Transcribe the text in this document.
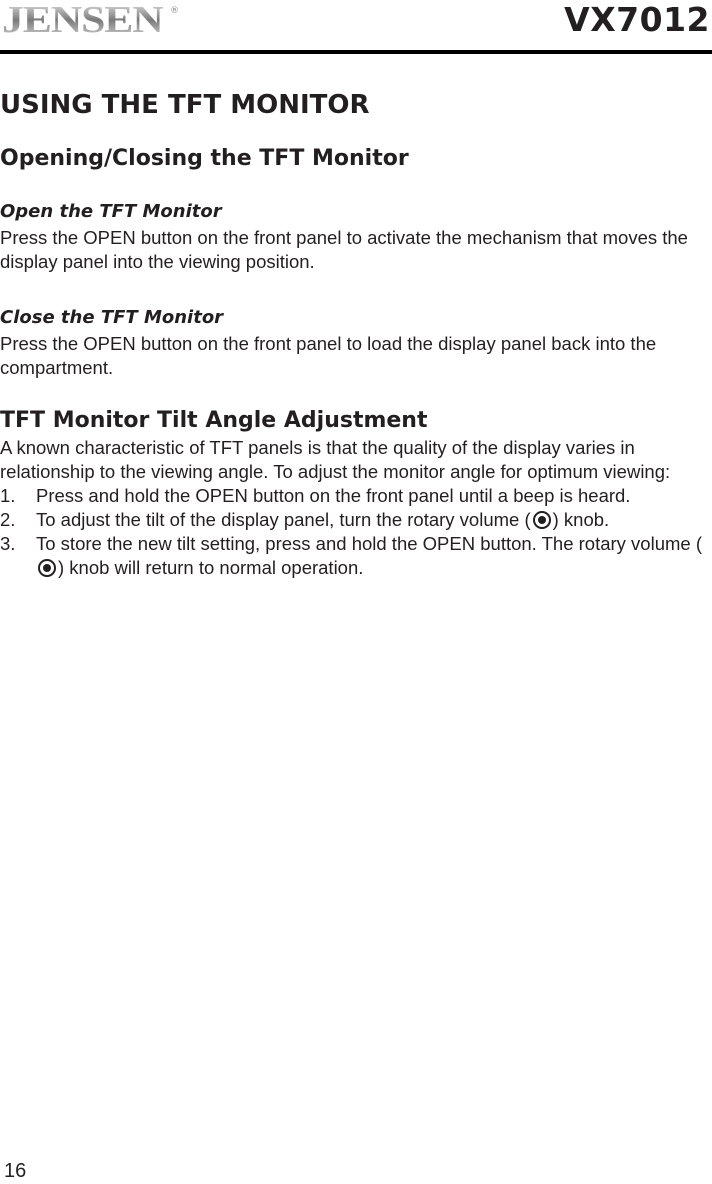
JENSEN ®	VX7012
USING THE TFT MONITOR
Opening/Closing the TFT Monitor
Open the TFT Monitor

Press the OPEN button on the front panel to activate the mechanism that moves the display panel into the viewing position.

Close the TFT Monitor

Press the OPEN button on the front panel to load the display panel back into the compartment.

TFT Monitor Tilt Angle Adjustment

A known characteristic of TFT panels is that the quality of the display varies in relationship to the viewing angle. To adjust the monitor angle for optimum viewing:

1. Press and hold the OPEN button on the front panel until a beep is heard.
2. To adjust the tilt of the display panel, turn the rotary volume ( ) knob.
3. To store the new tilt setting, press and hold the OPEN button. The rotary volume () knob will return to normal operation.
16
